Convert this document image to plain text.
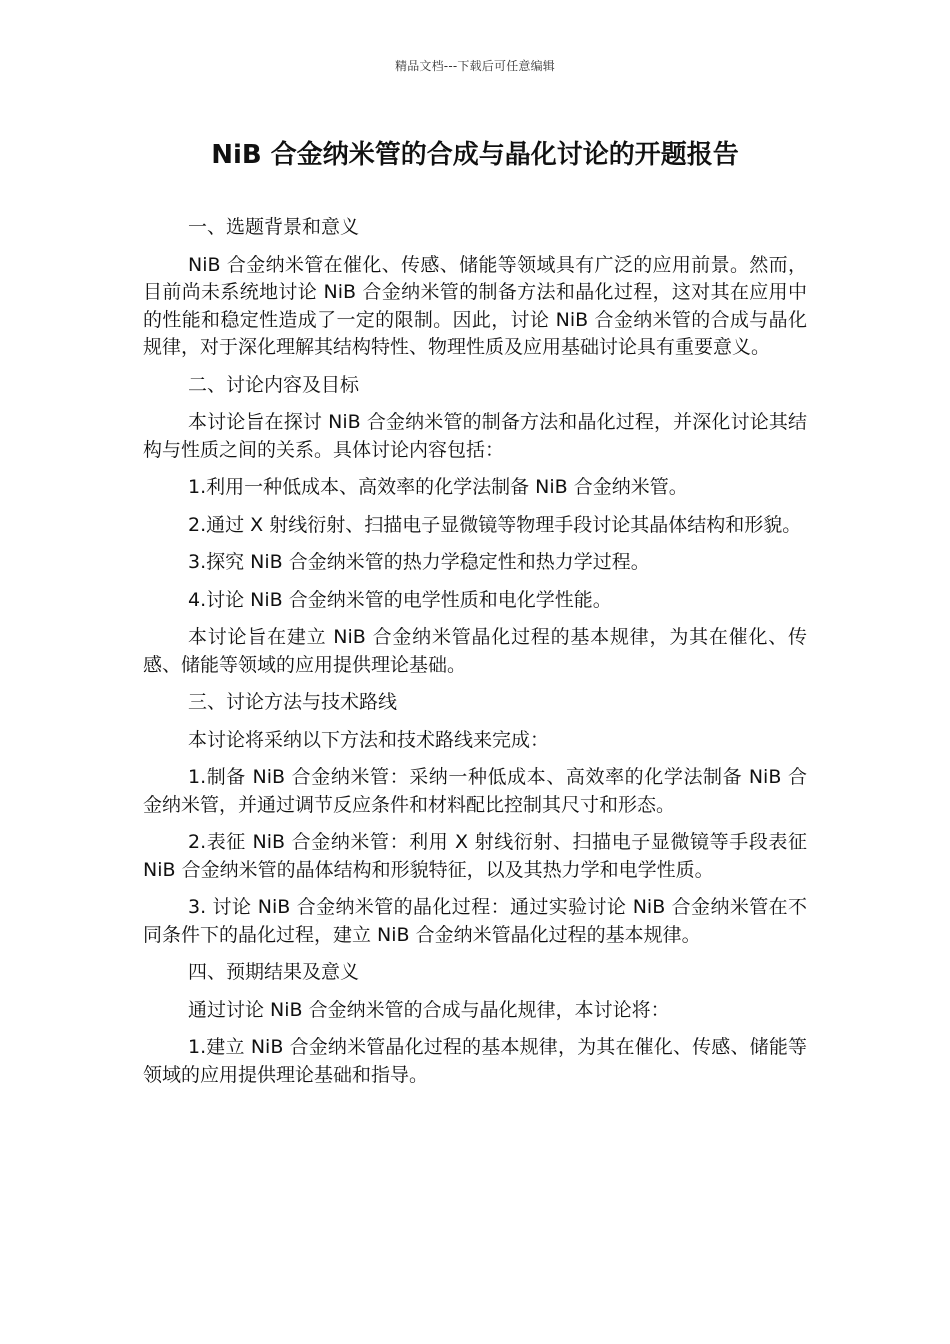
精品文档---下载后可任意编辑
NiB 合金纳米管的合成与晶化讨论的开题报告

一、选题背景和意义

NiB 合金纳米管在催化、传感、储能等领域具有广泛的应用前景。然而，目前尚未系统地讨论 NiB 合金纳米管的制备方法和晶化过程，这对其在应用中的性能和稳定性造成了一定的限制。因此，讨论 NiB 合金纳米管的合成与晶化规律，对于深化理解其结构特性、物理性质及应用基础讨论具有重要意义。

二、讨论内容及目标

本讨论旨在探讨 NiB 合金纳米管的制备方法和晶化过程，并深化讨论其结构与性质之间的关系。具体讨论内容包括：

1.利用一种低成本、高效率的化学法制备 NiB 合金纳米管。

2.通过 X 射线衍射、扫描电子显微镜等物理手段讨论其晶体结构和形貌。

3.探究 NiB 合金纳米管的热力学稳定性和热力学过程。

4.讨论 NiB 合金纳米管的电学性质和电化学性能。

本讨论旨在建立 NiB 合金纳米管晶化过程的基本规律，为其在催化、传感、储能等领域的应用提供理论基础。

三、讨论方法与技术路线

本讨论将采纳以下方法和技术路线来完成：

1.制备 NiB 合金纳米管：采纳一种低成本、高效率的化学法制备 NiB 合金纳米管，并通过调节反应条件和材料配比控制其尺寸和形态。

2.表征 NiB 合金纳米管：利用 X 射线衍射、扫描电子显微镜等手段表征 NiB 合金纳米管的晶体结构和形貌特征，以及其热力学和电学性质。

3. 讨论 NiB 合金纳米管的晶化过程：通过实验讨论 NiB 合金纳米管在不同条件下的晶化过程，建立 NiB 合金纳米管晶化过程的基本规律。

四、预期结果及意义

通过讨论 NiB 合金纳米管的合成与晶化规律，本讨论将：

1.建立 NiB 合金纳米管晶化过程的基本规律，为其在催化、传感、储能等领域的应用提供理论基础和指导。
